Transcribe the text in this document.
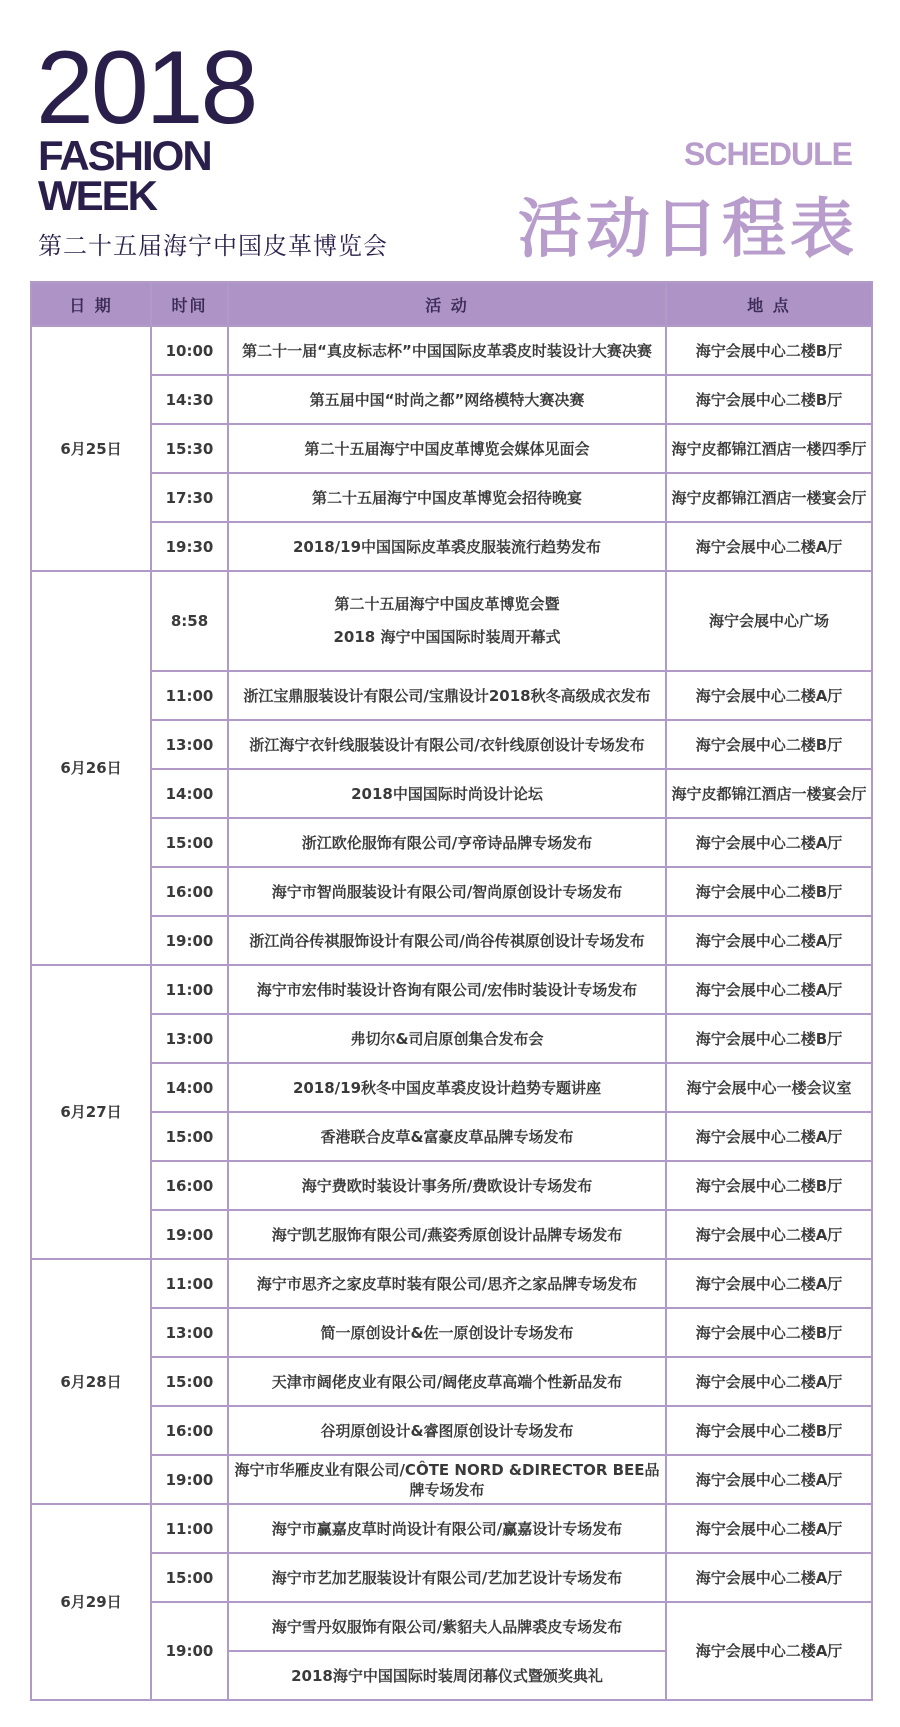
2018
FASHION
WEEK
第二十五届海宁中国皮革博览会
SCHEDULE
活动日程表
日 期	时间	活 动	地 点
6月25日	10:00	第二十一届“真皮标志杯”中国国际皮革裘皮时装设计大赛决赛	海宁会展中心二楼B厅
	14:30	第五届中国“时尚之都”网络模特大赛决赛	海宁会展中心二楼B厅
	15:30	第二十五届海宁中国皮革博览会媒体见面会	海宁皮都锦江酒店一楼四季厅
	17:30	第二十五届海宁中国皮革博览会招待晚宴	海宁皮都锦江酒店一楼宴会厅
	19:30	2018/19中国国际皮革裘皮服装流行趋势发布	海宁会展中心二楼A厅
6月26日	8:58	第二十五届海宁中国皮革博览会暨
2018 海宁中国国际时装周开幕式	海宁会展中心广场
	11:00	浙江宝鼎服装设计有限公司/宝鼎设计2018秋冬高级成衣发布	海宁会展中心二楼A厅
	13:00	浙江海宁衣针线服装设计有限公司/衣针线原创设计专场发布	海宁会展中心二楼B厅
	14:00	2018中国国际时尚设计论坛	海宁皮都锦江酒店一楼宴会厅
	15:00	浙江欧伦服饰有限公司/亨帝诗品牌专场发布	海宁会展中心二楼A厅
	16:00	海宁市智尚服装设计有限公司/智尚原创设计专场发布	海宁会展中心二楼B厅
	19:00	浙江尚谷传祺服饰设计有限公司/尚谷传祺原创设计专场发布	海宁会展中心二楼A厅
6月27日	11:00	海宁市宏伟时装设计咨询有限公司/宏伟时装设计专场发布	海宁会展中心二楼A厅
	13:00	弗切尔&司启原创集合发布会	海宁会展中心二楼B厅
	14:00	2018/19秋冬中国皮革裘皮设计趋势专题讲座	海宁会展中心一楼会议室
	15:00	香港联合皮草&富豪皮草品牌专场发布	海宁会展中心二楼A厅
	16:00	海宁费欧时装设计事务所/费欧设计专场发布	海宁会展中心二楼B厅
	19:00	海宁凯艺服饰有限公司/燕姿秀原创设计品牌专场发布	海宁会展中心二楼A厅
6月28日	11:00	海宁市思齐之家皮草时装有限公司/思齐之家品牌专场发布	海宁会展中心二楼A厅
	13:00	简一原创设计&佐一原创设计专场发布	海宁会展中心二楼B厅
	15:00	天津市阔佬皮业有限公司/阔佬皮草高端个性新品发布	海宁会展中心二楼A厅
	16:00	谷玥原创设计&睿图原创设计专场发布	海宁会展中心二楼B厅
	19:00	海宁市华雁皮业有限公司/CÔTE NORD &DIRECTOR BEE品牌专场发布	海宁会展中心二楼A厅
6月29日	11:00	海宁市赢嘉皮草时尚设计有限公司/赢嘉设计专场发布	海宁会展中心二楼A厅
	15:00	海宁市艺加艺服装设计有限公司/艺加艺设计专场发布	海宁会展中心二楼A厅
	19:00	海宁雪丹奴服饰有限公司/紫貂夫人品牌裘皮专场发布	海宁会展中心二楼A厅
		2018海宁中国国际时装周闭幕仪式暨颁奖典礼	
